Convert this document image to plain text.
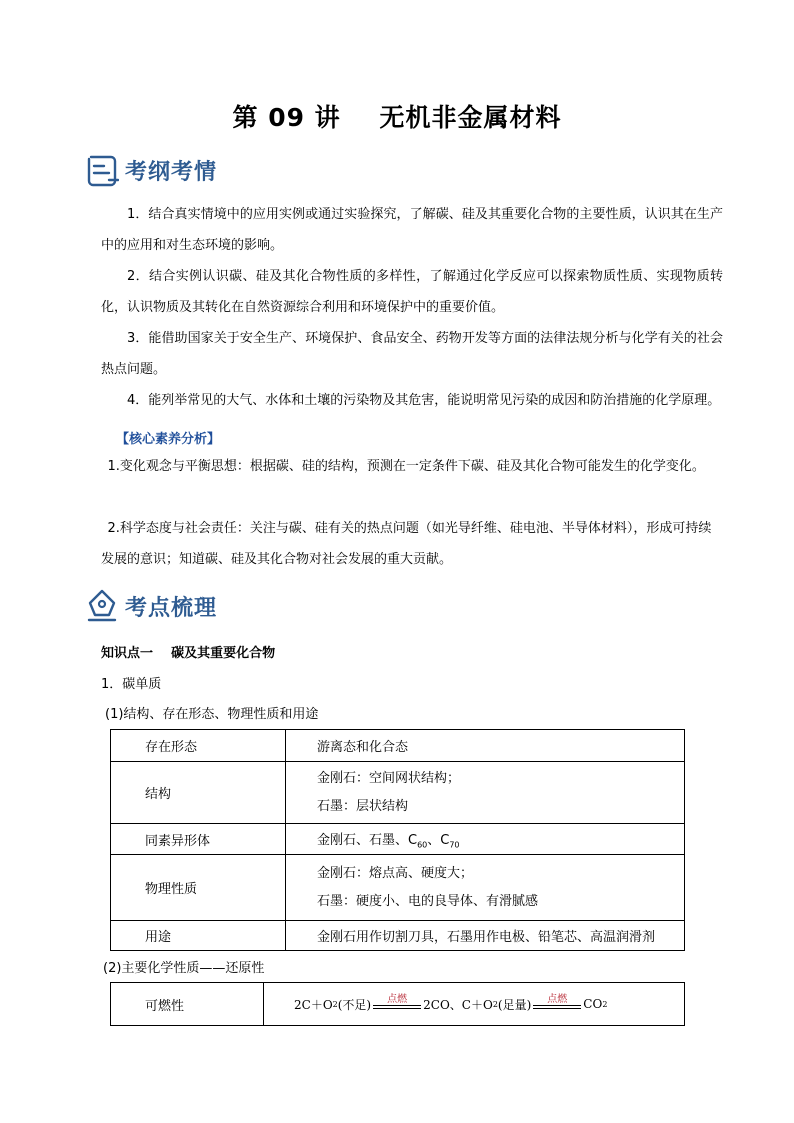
第 09 讲    无机非金属材料
考纲考情
1．结合真实情境中的应用实例或通过实验探究，了解碳、硅及其重要化合物的主要性质，认识其在生产中的应用和对生态环境的影响。
2．结合实例认识碳、硅及其化合物性质的多样性，了解通过化学反应可以探索物质性质、实现物质转化，认识物质及其转化在自然资源综合利用和环境保护中的重要价值。
3．能借助国家关于安全生产、环境保护、食品安全、药物开发等方面的法律法规分析与化学有关的社会热点问题。
4．能列举常见的大气、水体和土壤的污染物及其危害，能说明常见污染的成因和防治措施的化学原理。
【核心素养分析】
1.变化观念与平衡思想：根据碳、硅的结构，预测在一定条件下碳、硅及其化合物可能发生的化学变化。
2.科学态度与社会责任：关注与碳、硅有关的热点问题（如光导纤维、硅电池、半导体材料），形成可持续发展的意识；知道碳、硅及其化合物对社会发展的重大贡献。
考点梳理
知识点一    碳及其重要化合物
1．碳单质
(1)结构、存在形态、物理性质和用途
存在形态	游离态和化合态
结构	金刚石：空间网状结构；
石墨：层状结构

同素异形体	金刚石、石墨、$C_{60}$、$C_{70}$
物理性质	金刚石：熔点高、硬度大；
石墨：硬度小、电的良导体、有滑腻感

用途	金刚石用作切割刀具，石墨用作电极、铅笔芯、高温润滑剂
(2)主要化学性质——还原性
可燃性	2C＋O 2 (不足)	点燃	2CO、C＋O 2 (足量)	点燃	CO 2
